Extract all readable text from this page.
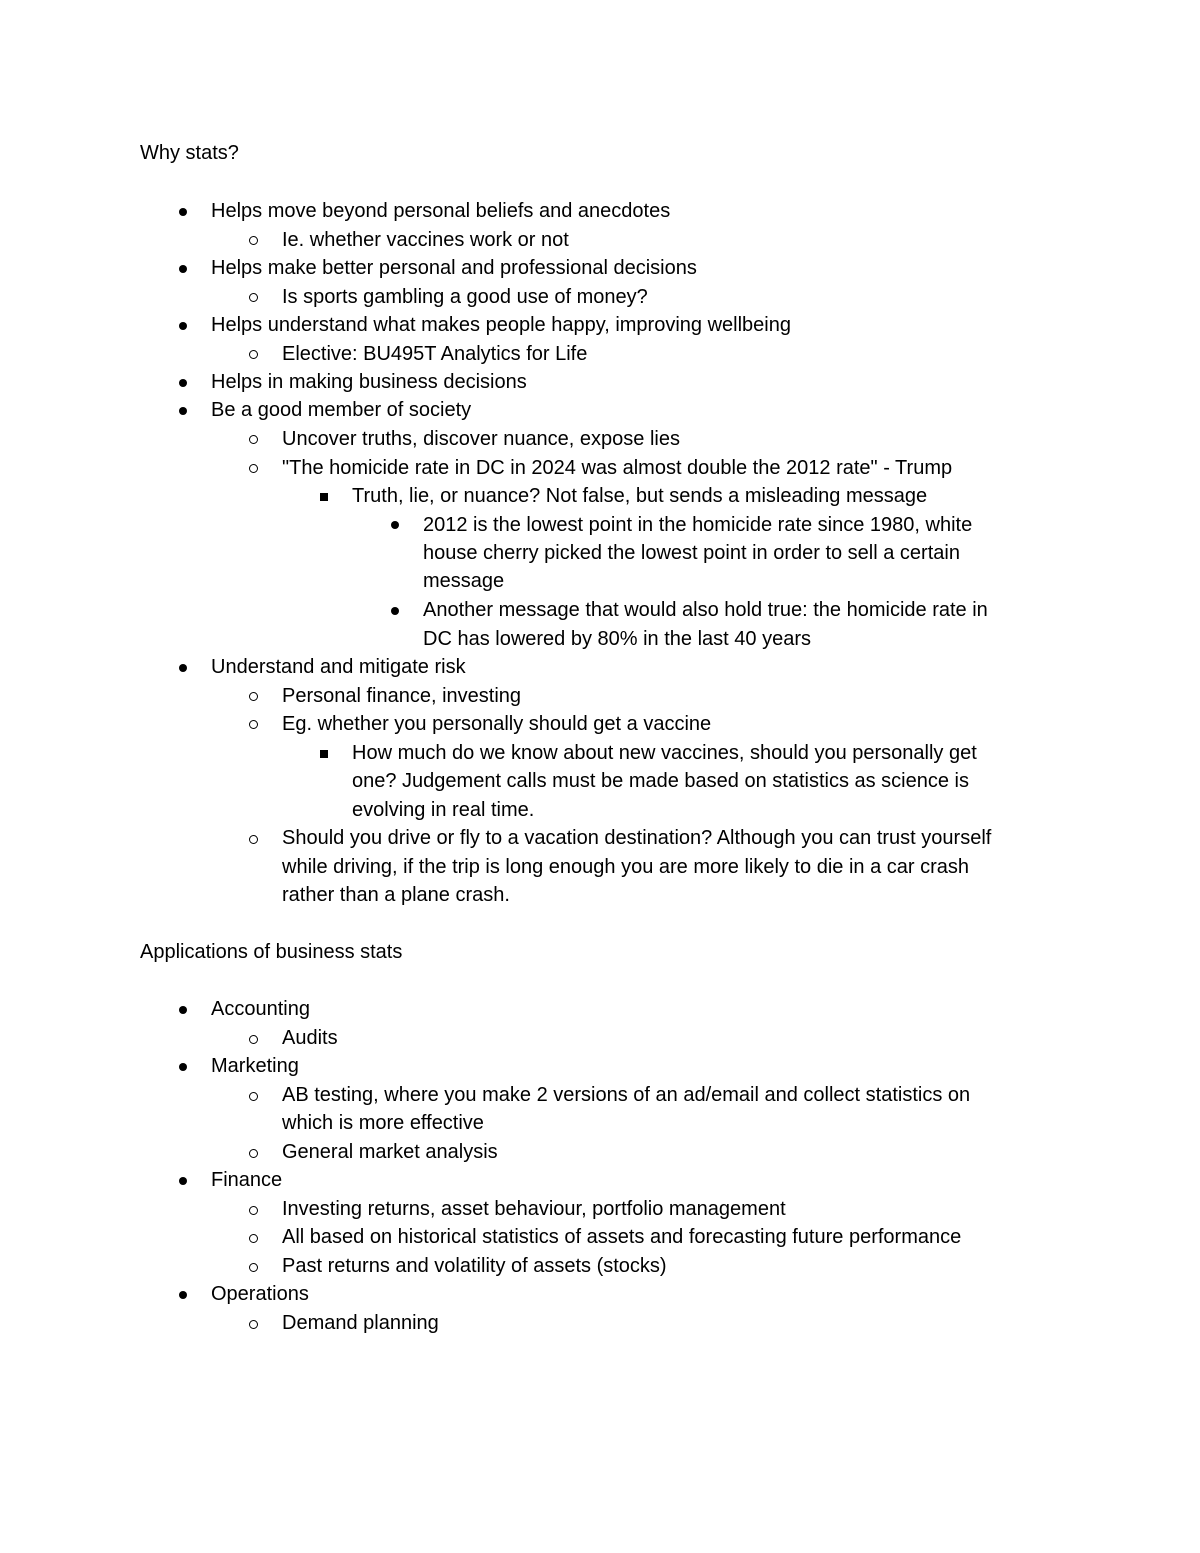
Why stats?

Helps move beyond personal beliefs and anecdotes

Ie. whether vaccines work or not

Helps make better personal and professional decisions

Is sports gambling a good use of money?

Helps understand what makes people happy, improving wellbeing

Elective: BU495T Analytics for Life

Helps in making business decisions

Be a good member of society

Uncover truths, discover nuance, expose lies

"The homicide rate in DC in 2024 was almost double the 2012 rate" - Trump

Truth, lie, or nuance? Not false, but sends a misleading message

2012 is the lowest point in the homicide rate since 1980, white

house cherry picked the lowest point in order to sell a certain

message

Another message that would also hold true: the homicide rate in

DC has lowered by 80% in the last 40 years

Understand and mitigate risk

Personal finance, investing

Eg. whether you personally should get a vaccine

How much do we know about new vaccines, should you personally get

one? Judgement calls must be made based on statistics as science is

evolving in real time.

Should you drive or fly to a vacation destination? Although you can trust yourself

while driving, if the trip is long enough you are more likely to die in a car crash

rather than a plane crash.

Applications of business stats

Accounting

Audits

Marketing

AB testing, where you make 2 versions of an ad/email and collect statistics on

which is more effective

General market analysis

Finance

Investing returns, asset behaviour, portfolio management

All based on historical statistics of assets and forecasting future performance

Past returns and volatility of assets (stocks)

Operations

Demand planning
